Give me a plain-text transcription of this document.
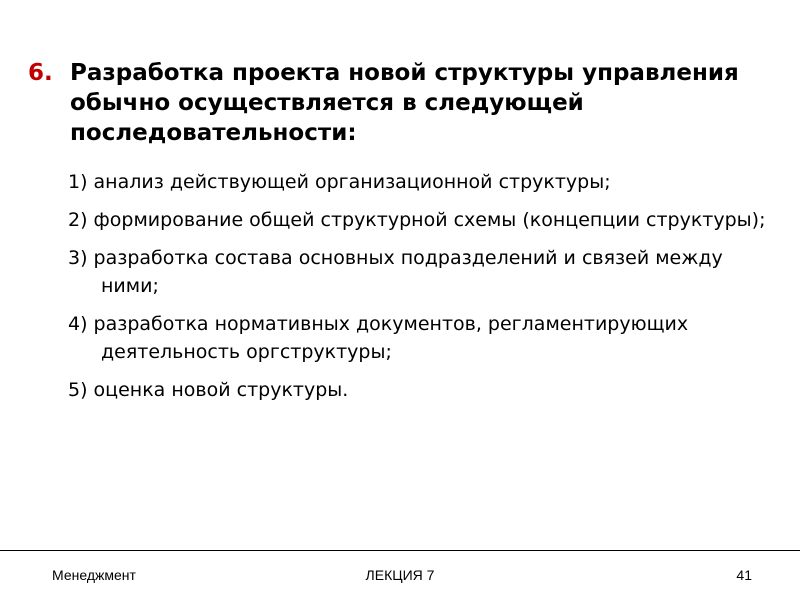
6. Разработка проекта новой структуры управления обычно осуществляется в следующей последовательности:
1) анализ действующей организационной структуры;
2) формирование общей структурной схемы (концепции структуры);
3) разработка состава основных подразделений и связей между ними;
4) разработка нормативных документов, регламентирующих деятельность оргструктуры;
5) оценка новой структуры.
Менеджмент	ЛЕКЦИЯ 7	41
